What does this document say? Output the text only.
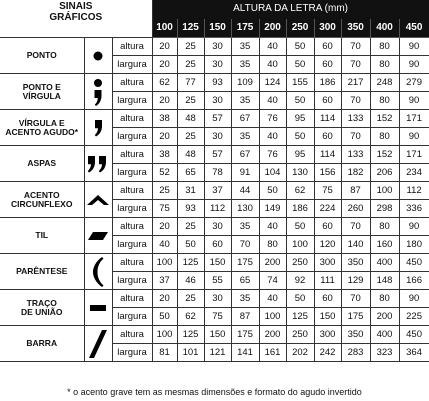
SINAIS
GRÁFICOS			ALTURA DA LETRA (mm)									
			100	125	150	175	200	250	300	350	400	450

PONTO		altura	20	25	30	35	40	50	60	70	80	90
		largura	20	25	30	35	40	50	60	70	80	90

PONTO E
VÍRGULA		altura	62	77	93	109	124	155	186	217	248	279
		largura	20	25	30	35	40	50	60	70	80	90

VÍRGULA E
ACENTO AGUDO*		altura	38	48	57	67	76	95	114	133	152	171
		largura	20	25	30	35	40	50	60	70	80	90

ASPAS		altura	38	48	57	67	76	95	114	133	152	171
		largura	52	65	78	91	104	130	156	182	206	234

ACENTO
CIRCUNFLEXO		altura	25	31	37	44	50	62	75	87	100	112
		largura	75	93	112	130	149	186	224	260	298	336

TIL		altura	20	25	30	35	40	50	60	70	80	90
		largura	40	50	60	70	80	100	120	140	160	180

PARÊNTESE		altura	100	125	150	175	200	250	300	350	400	450
		largura	37	46	55	65	74	92	111	129	148	166

TRAÇO
DE UNIÃO		altura	20	25	30	35	40	50	60	70	80	90
		largura	50	62	75	87	100	125	150	175	200	225

BARRA		altura	100	125	150	175	200	250	300	350	400	450
		largura	81	101	121	141	161	202	242	283	323	364
* o acento grave tem as mesmas dimensões e formato do agudo invertido
